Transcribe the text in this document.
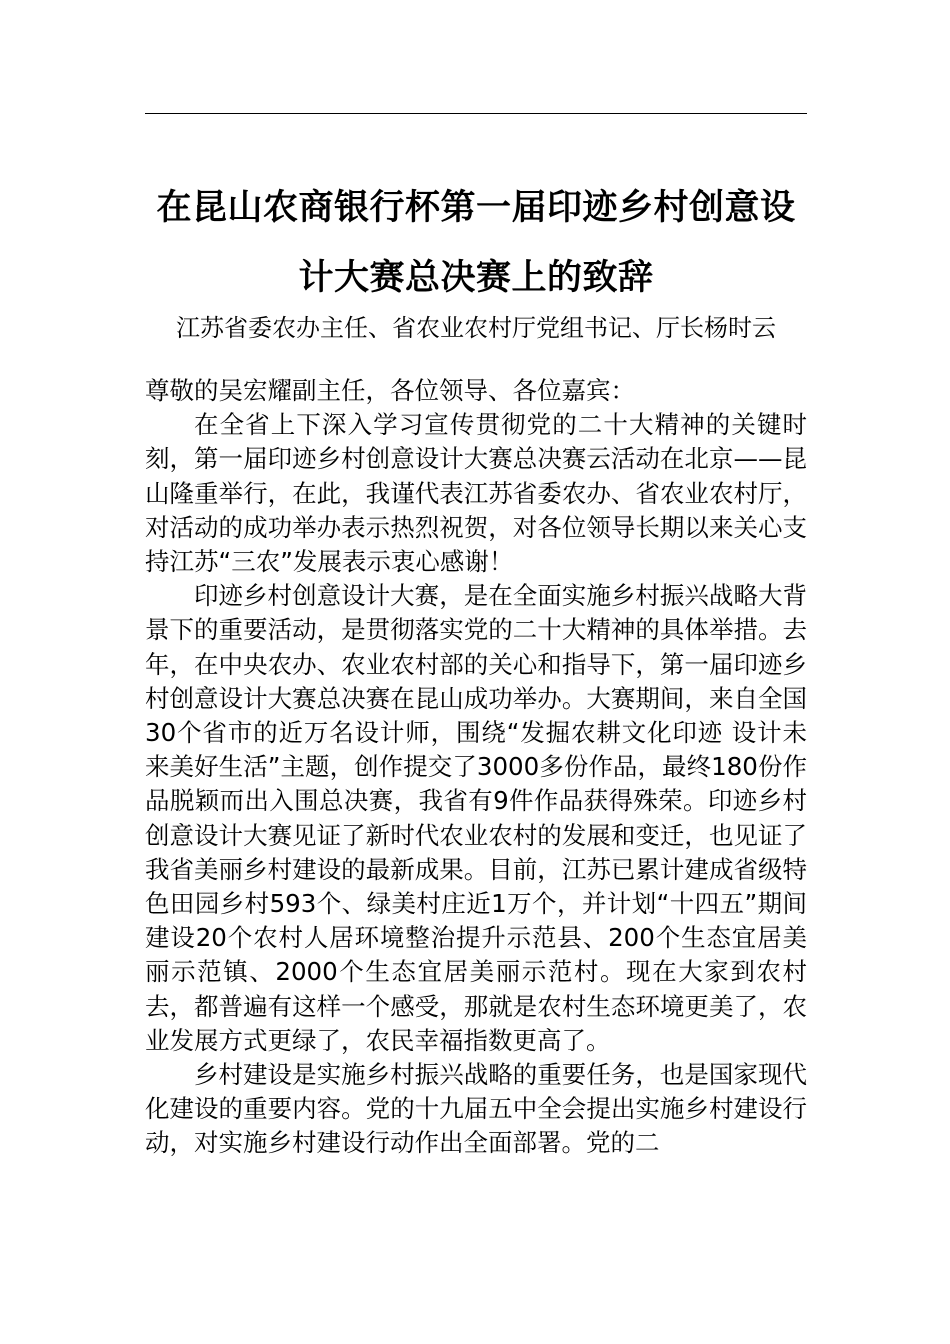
在昆山农商银行杯第一届印迹乡村创意设
计大赛总决赛上的致辞
江苏省委农办主任、省农业农村厅党组书记、厅长杨时云

尊敬的吴宏耀副主任，各位领导、各位嘉宾：

在全省上下深入学习宣传贯彻党的二十大精神的关键时刻，第一届印迹乡村创意设计大赛总决赛云活动在北京——昆山隆重举行，在此，我谨代表江苏省委农办、省农业农村厅，对活动的成功举办表示热烈祝贺，对各位领导长期以来关心支持江苏“三农”发展表示衷心感谢！

印迹乡村创意设计大赛，是在全面实施乡村振兴战略大背景下的重要活动，是贯彻落实党的二十大精神的具体举措。去年，在中央农办、农业农村部的关心和指导下，第一届印迹乡村创意设计大赛总决赛在昆山成功举办。大赛期间，来自全国30个省市的近万名设计师，围绕“发掘农耕文化印迹 设计未来美好生活”主题，创作提交了3000多份作品，最终180份作品脱颖而出入围总决赛，我省有9件作品获得殊荣。印迹乡村创意设计大赛见证了新时代农业农村的发展和变迁，也见证了我省美丽乡村建设的最新成果。目前，江苏已累计建成省级特色田园乡村593个、绿美村庄近1万个，并计划“十四五”期间建设20个农村人居环境整治提升示范县、200个生态宜居美丽示范镇、2000个生态宜居美丽示范村。现在大家到农村去，都普遍有这样一个感受，那就是农村生态环境更美了，农业发展方式更绿了，农民幸福指数更高了。

乡村建设是实施乡村振兴战略的重要任务，也是国家现代化建设的重要内容。党的十九届五中全会提出实施乡村建设行动，对实施乡村建设行动作出全面部署。党的二
